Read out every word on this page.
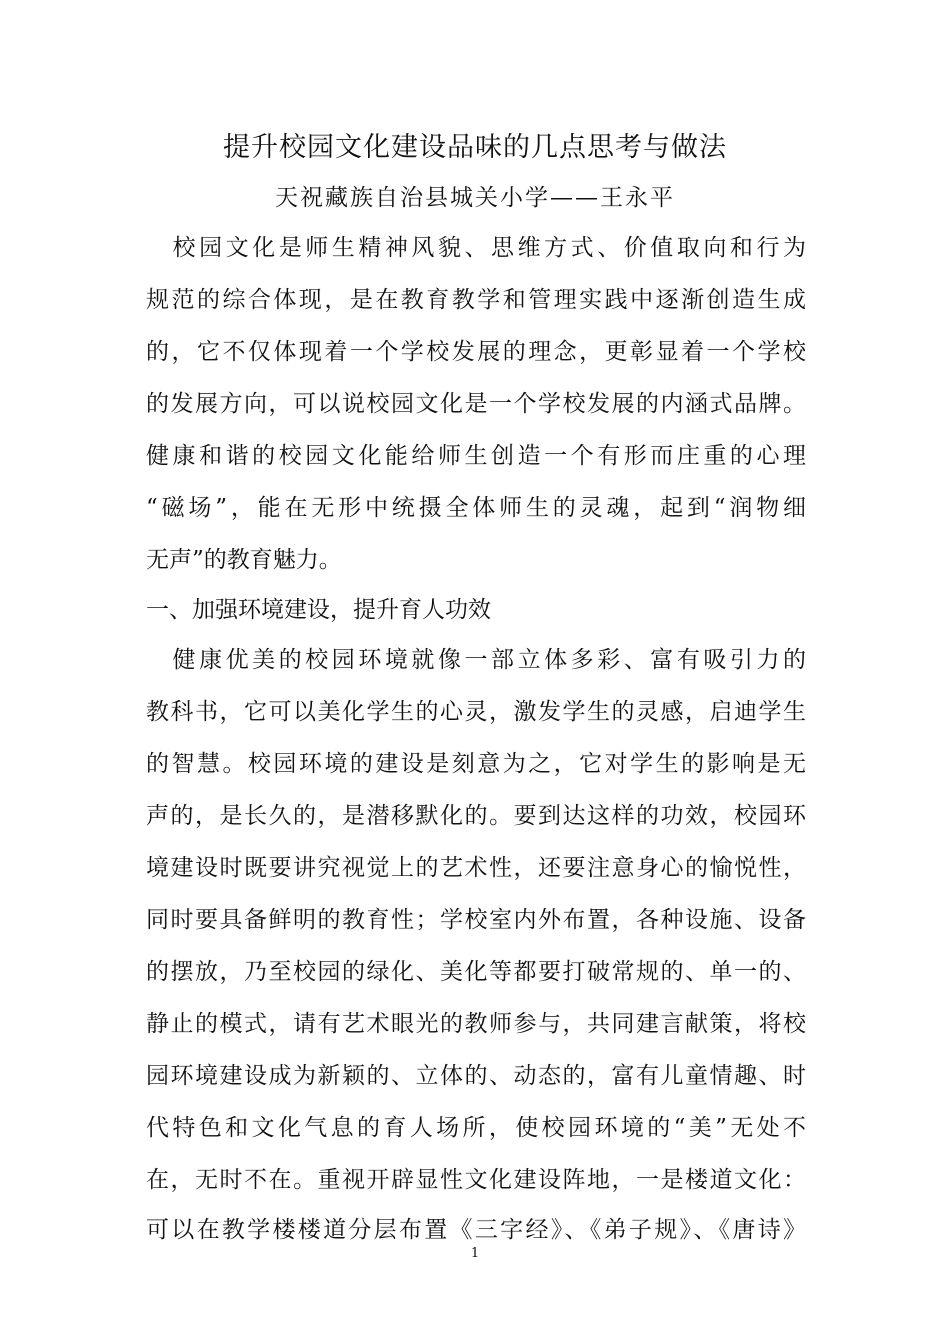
提升校园文化建设品味的几点思考与做法
天祝藏族自治县城关小学——王永平
　校园文化是师生精神风貌、思维方式、价值取向和行为
规范的综合体现，是在教育教学和管理实践中逐渐创造生成
的，它不仅体现着一个学校发展的理念，更彰显着一个学校
的发展方向，可以说校园文化是一个学校发展的内涵式品牌。
健康和谐的校园文化能给师生创造一个有形而庄重的心理
“磁场”，能在无形中统摄全体师生的灵魂，起到“润物细
无声”的教育魅力。
一、加强环境建设，提升育人功效
　健康优美的校园环境就像一部立体多彩、富有吸引力的
教科书，它可以美化学生的心灵，激发学生的灵感，启迪学生
的智慧。校园环境的建设是刻意为之，它对学生的影响是无
声的，是长久的，是潜移默化的。要到达这样的功效，校园环
境建设时既要讲究视觉上的艺术性，还要注意身心的愉悦性，
同时要具备鲜明的教育性；学校室内外布置，各种设施、设备
的摆放，乃至校园的绿化、美化等都要打破常规的、单一的、
静止的模式，请有艺术眼光的教师参与，共同建言献策，将校
园环境建设成为新颖的、立体的、动态的，富有儿童情趣、时
代特色和文化气息的育人场所，使校园环境的“美”无处不
在，无时不在。重视开辟显性文化建设阵地，一是楼道文化：
可以在教学楼楼道分层布置《三字经》、《弟子规》、《唐诗》
1
